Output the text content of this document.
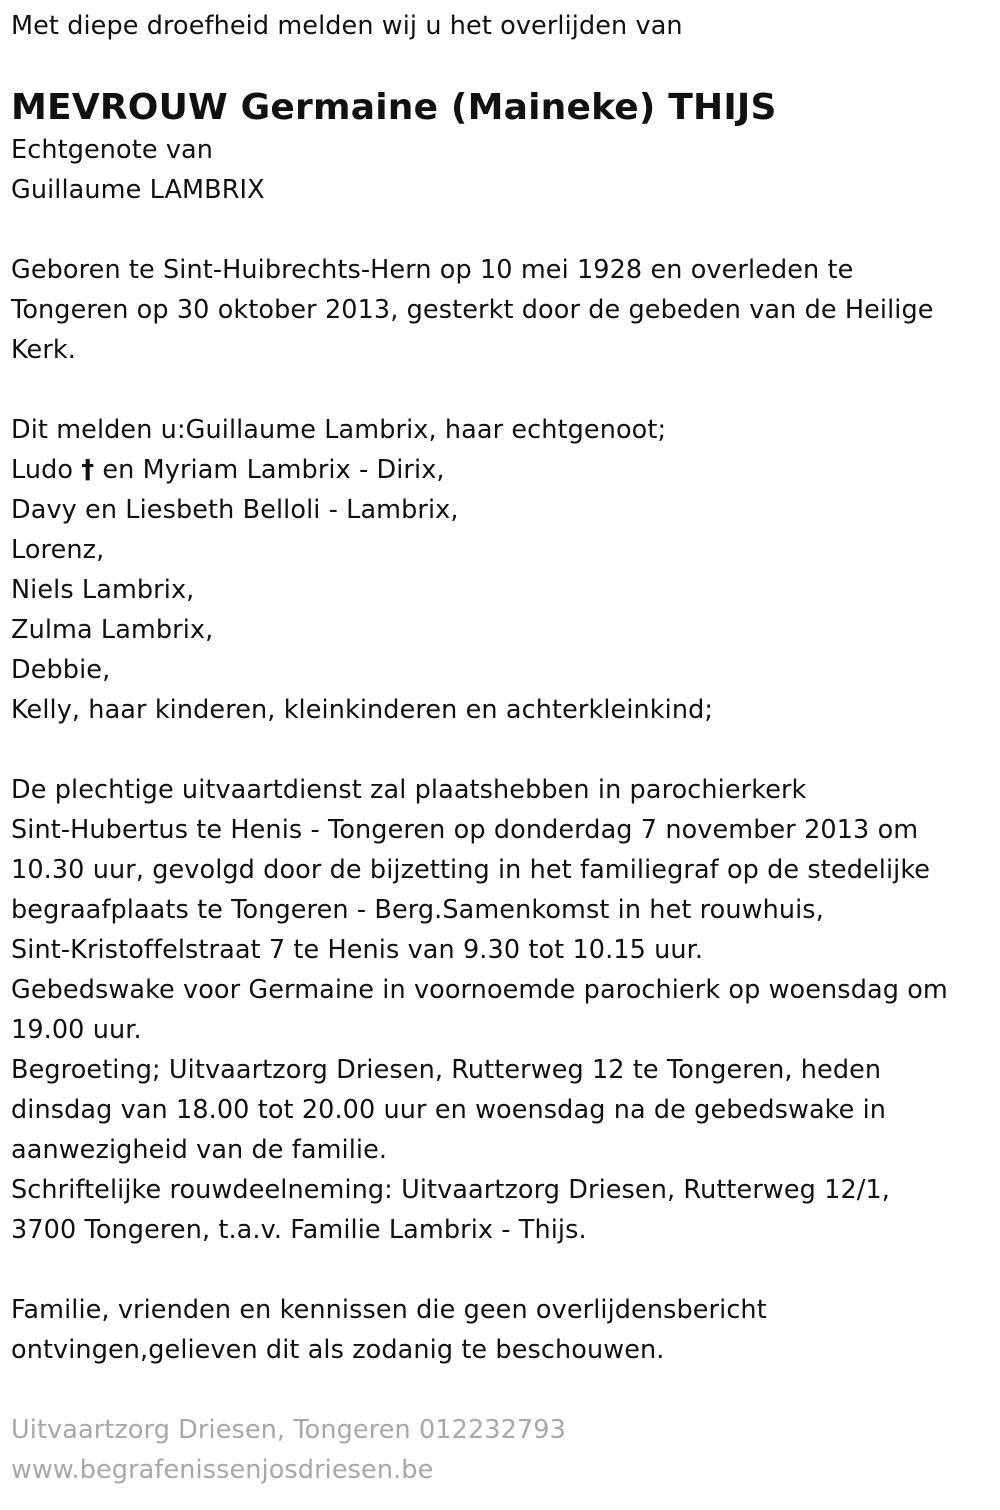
Met diepe droefheid melden wij u het overlijden van
MEVROUW Germaine (Maineke) THIJS
Echtgenote van
Guillaume LAMBRIX
Geboren te Sint-Huibrechts-Hern op 10 mei 1928 en overleden te
Tongeren op 30 oktober 2013, gesterkt door de gebeden van de Heilige
Kerk.
Dit melden u:Guillaume Lambrix, haar echtgenoot;
Ludo † en Myriam Lambrix - Dirix,
Davy en Liesbeth Belloli - Lambrix,
Lorenz,
Niels Lambrix,
Zulma Lambrix,
Debbie,
Kelly, haar kinderen, kleinkinderen en achterkleinkind;
De plechtige uitvaartdienst zal plaatshebben in parochierkerk
Sint-Hubertus te Henis - Tongeren op donderdag 7 november 2013 om
10.30 uur, gevolgd door de bijzetting in het familiegraf op de stedelijke
begraafplaats te Tongeren - Berg.Samenkomst in het rouwhuis,
Sint-Kristoffelstraat 7 te Henis van 9.30 tot 10.15 uur.
Gebedswake voor Germaine in voornoemde parochierk op woensdag om
19.00 uur.
Begroeting; Uitvaartzorg Driesen, Rutterweg 12 te Tongeren, heden
dinsdag van 18.00 tot 20.00 uur en woensdag na de gebedswake in
aanwezigheid van de familie.
Schriftelijke rouwdeelneming: Uitvaartzorg Driesen, Rutterweg 12/1,
3700 Tongeren, t.a.v. Familie Lambrix - Thijs.
Familie, vrienden en kennissen die geen overlijdensbericht
ontvingen,gelieven dit als zodanig te beschouwen.
Uitvaartzorg Driesen, Tongeren 012232793
www.begrafenissenjosdriesen.be
